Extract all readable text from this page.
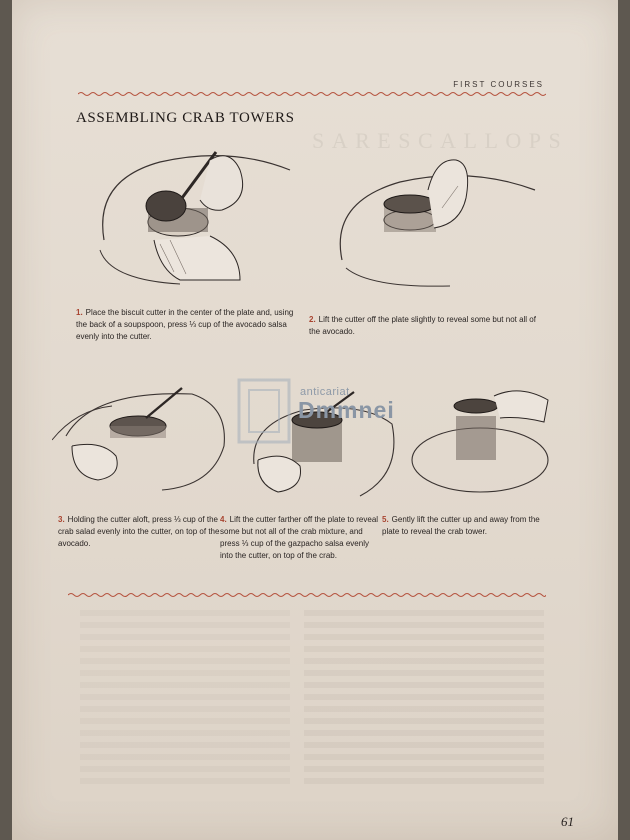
S A R E S C A L L O P S
FIRST COURSES
ASSEMBLING CRAB TOWERS
1. Place the biscuit cutter in the center of the plate and, using the back of a soupspoon, press ⅓ cup of the avocado salsa evenly into the cutter.
2. Lift the cutter off the plate slightly to reveal some but not all of the avocado.
anticariat
Dmmnei
3. Holding the cutter aloft, press ⅓ cup of the crab salad evenly into the cutter, on top of the avocado.
4. Lift the cutter farther off the plate to reveal some but not all of the crab mixture, and press ⅓ cup of the gazpacho salsa evenly into the cutter, on top of the crab.
5. Gently lift the cutter up and away from the plate to reveal the crab tower.
61
